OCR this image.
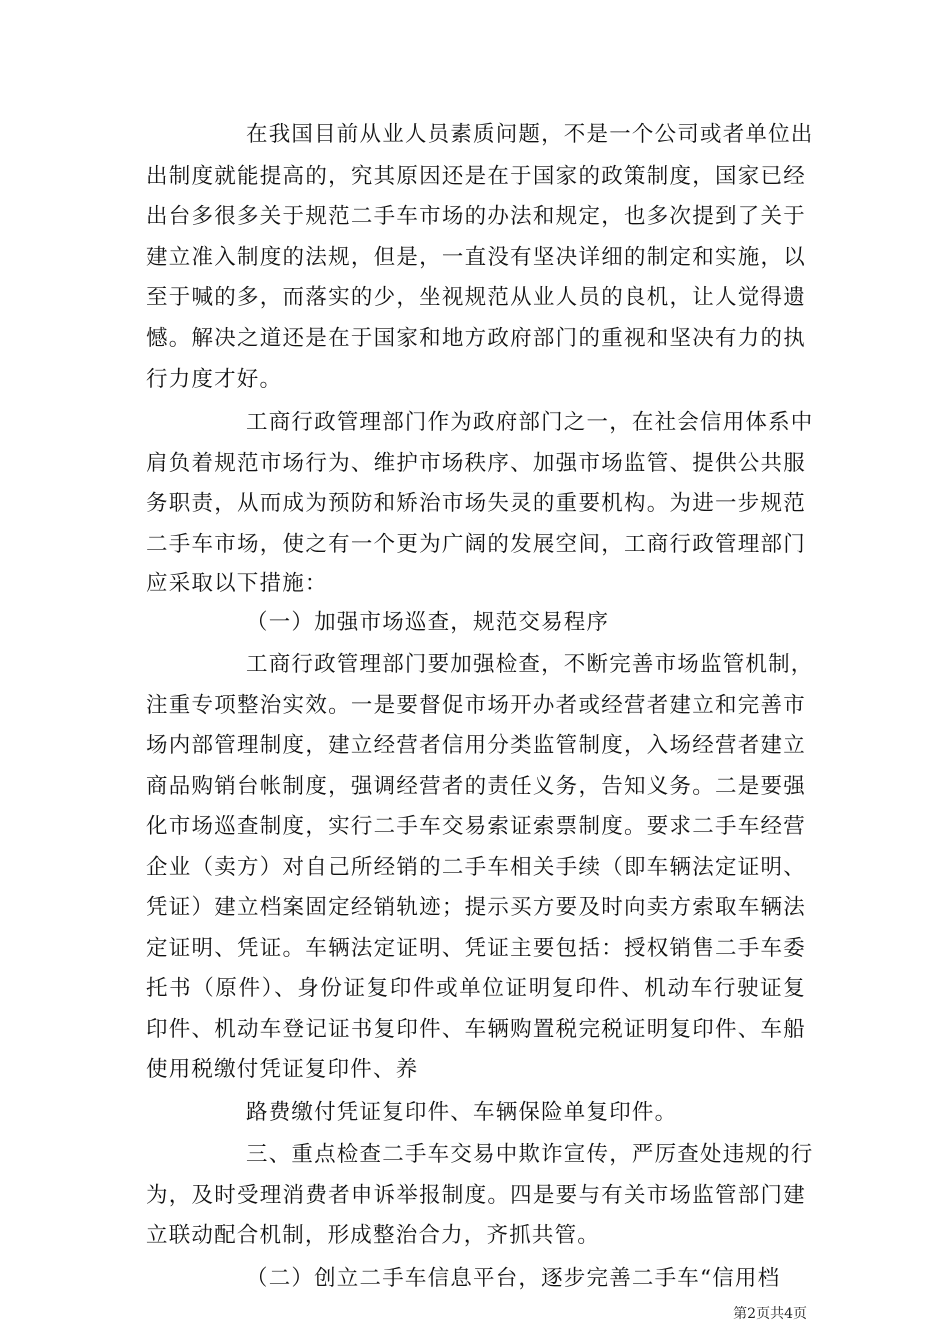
在我国目前从业人员素质问题，不是一个公司或者单位出
出制度就能提高的，究其原因还是在于国家的政策制度，国家已经
出台多很多关于规范二手车市场的办法和规定，也多次提到了关于
建立准入制度的法规，但是，一直没有坚决详细的制定和实施，以
至于喊的多，而落实的少，坐视规范从业人员的良机，让人觉得遗
憾。解决之道还是在于国家和地方政府部门的重视和坚决有力的执
行力度才好。
工商行政管理部门作为政府部门之一，在社会信用体系中
肩负着规范市场行为、维护市场秩序、加强市场监管、提供公共服
务职责，从而成为预防和矫治市场失灵的重要机构。为进一步规范
二手车市场，使之有一个更为广阔的发展空间，工商行政管理部门
应采取以下措施：
（一）加强市场巡查，规范交易程序
工商行政管理部门要加强检查，不断完善市场监管机制，
注重专项整治实效。一是要督促市场开办者或经营者建立和完善市
场内部管理制度，建立经营者信用分类监管制度，入场经营者建立
商品购销台帐制度，强调经营者的责任义务，告知义务。二是要强
化市场巡查制度，实行二手车交易索证索票制度。要求二手车经营
企业（卖方）对自己所经销的二手车相关手续（即车辆法定证明、
凭证）建立档案固定经销轨迹；提示买方要及时向卖方索取车辆法
定证明、凭证。车辆法定证明、凭证主要包括：授权销售二手车委
托书（原件）、身份证复印件或单位证明复印件、机动车行驶证复
印件、机动车登记证书复印件、车辆购置税完税证明复印件、车船
使用税缴付凭证复印件、养
路费缴付凭证复印件、车辆保险单复印件。
三、重点检查二手车交易中欺诈宣传，严厉查处违规的行
为，及时受理消费者申诉举报制度。四是要与有关市场监管部门建
立联动配合机制，形成整治合力，齐抓共管。
（二）创立二手车信息平台，逐步完善二手车“信用档
第2页共4页
